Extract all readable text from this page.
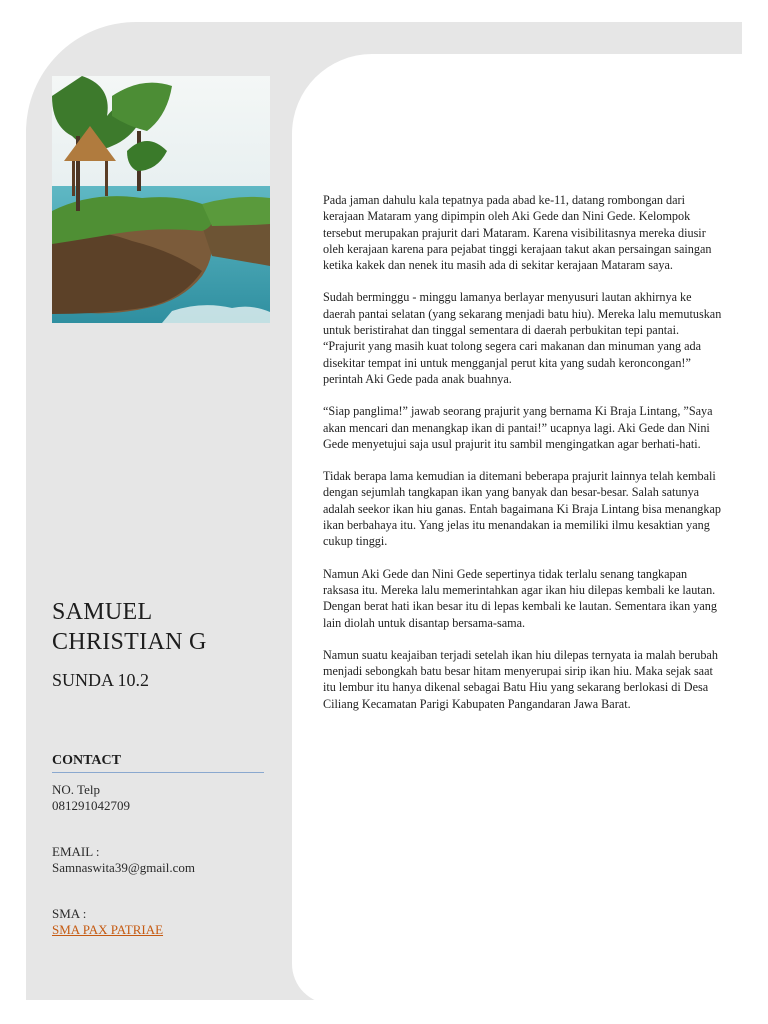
SAMUEL CHRISTIAN G
SUNDA 10.2
CONTACT
NO. Telp
081291042709
EMAIL :
Samnaswita39@gmail.com
SMA :
SMA PAX PATRIAE

Pada jaman dahulu kala tepatnya pada abad ke-11, datang rombongan dari kerajaan Mataram yang dipimpin oleh Aki Gede dan Nini Gede. Kelompok tersebut merupakan prajurit dari Mataram. Karena visibilitasnya mereka diusir oleh kerajaan karena para pejabat tinggi kerajaan takut akan persaingan saingan ketika kakek dan nenek itu masih ada di sekitar kerajaan Mataram saya.

Sudah berminggu - minggu lamanya berlayar menyusuri lautan akhirnya ke daerah pantai selatan (yang sekarang menjadi batu hiu). Mereka lalu memutuskan untuk beristirahat dan tinggal sementara di daerah perbukitan tepi pantai. “Prajurit yang masih kuat tolong segera cari makanan dan minuman yang ada disekitar tempat ini untuk mengganjal perut kita yang sudah keroncongan!” perintah Aki Gede pada anak buahnya.

“Siap panglima!” jawab seorang prajurit yang bernama Ki Braja Lintang, ”Saya akan mencari dan menangkap ikan di pantai!” ucapnya lagi. Aki Gede dan Nini Gede menyetujui saja usul prajurit itu sambil mengingatkan agar berhati-hati.

Tidak berapa lama kemudian ia ditemani beberapa prajurit lainnya telah kembali dengan sejumlah tangkapan ikan yang banyak dan besar-besar. Salah satunya adalah seekor ikan hiu ganas. Entah bagaimana Ki Braja Lintang bisa menangkap ikan berbahaya itu. Yang jelas itu menandakan ia memiliki ilmu kesaktian yang cukup tinggi.

Namun Aki Gede dan Nini Gede sepertinya tidak terlalu senang tangkapan raksasa itu. Mereka lalu memerintahkan agar ikan hiu dilepas kembali ke lautan. Dengan berat hati ikan besar itu di lepas kembali ke lautan. Sementara ikan yang lain diolah untuk disantap bersama-sama.

Namun suatu keajaiban terjadi setelah ikan hiu dilepas ternyata ia malah berubah menjadi sebongkah batu besar hitam menyerupai sirip ikan hiu. Maka sejak saat itu lembur itu hanya dikenal sebagai Batu Hiu yang sekarang berlokasi di Desa Ciliang Kecamatan Parigi Kabupaten Pangandaran Jawa Barat.
